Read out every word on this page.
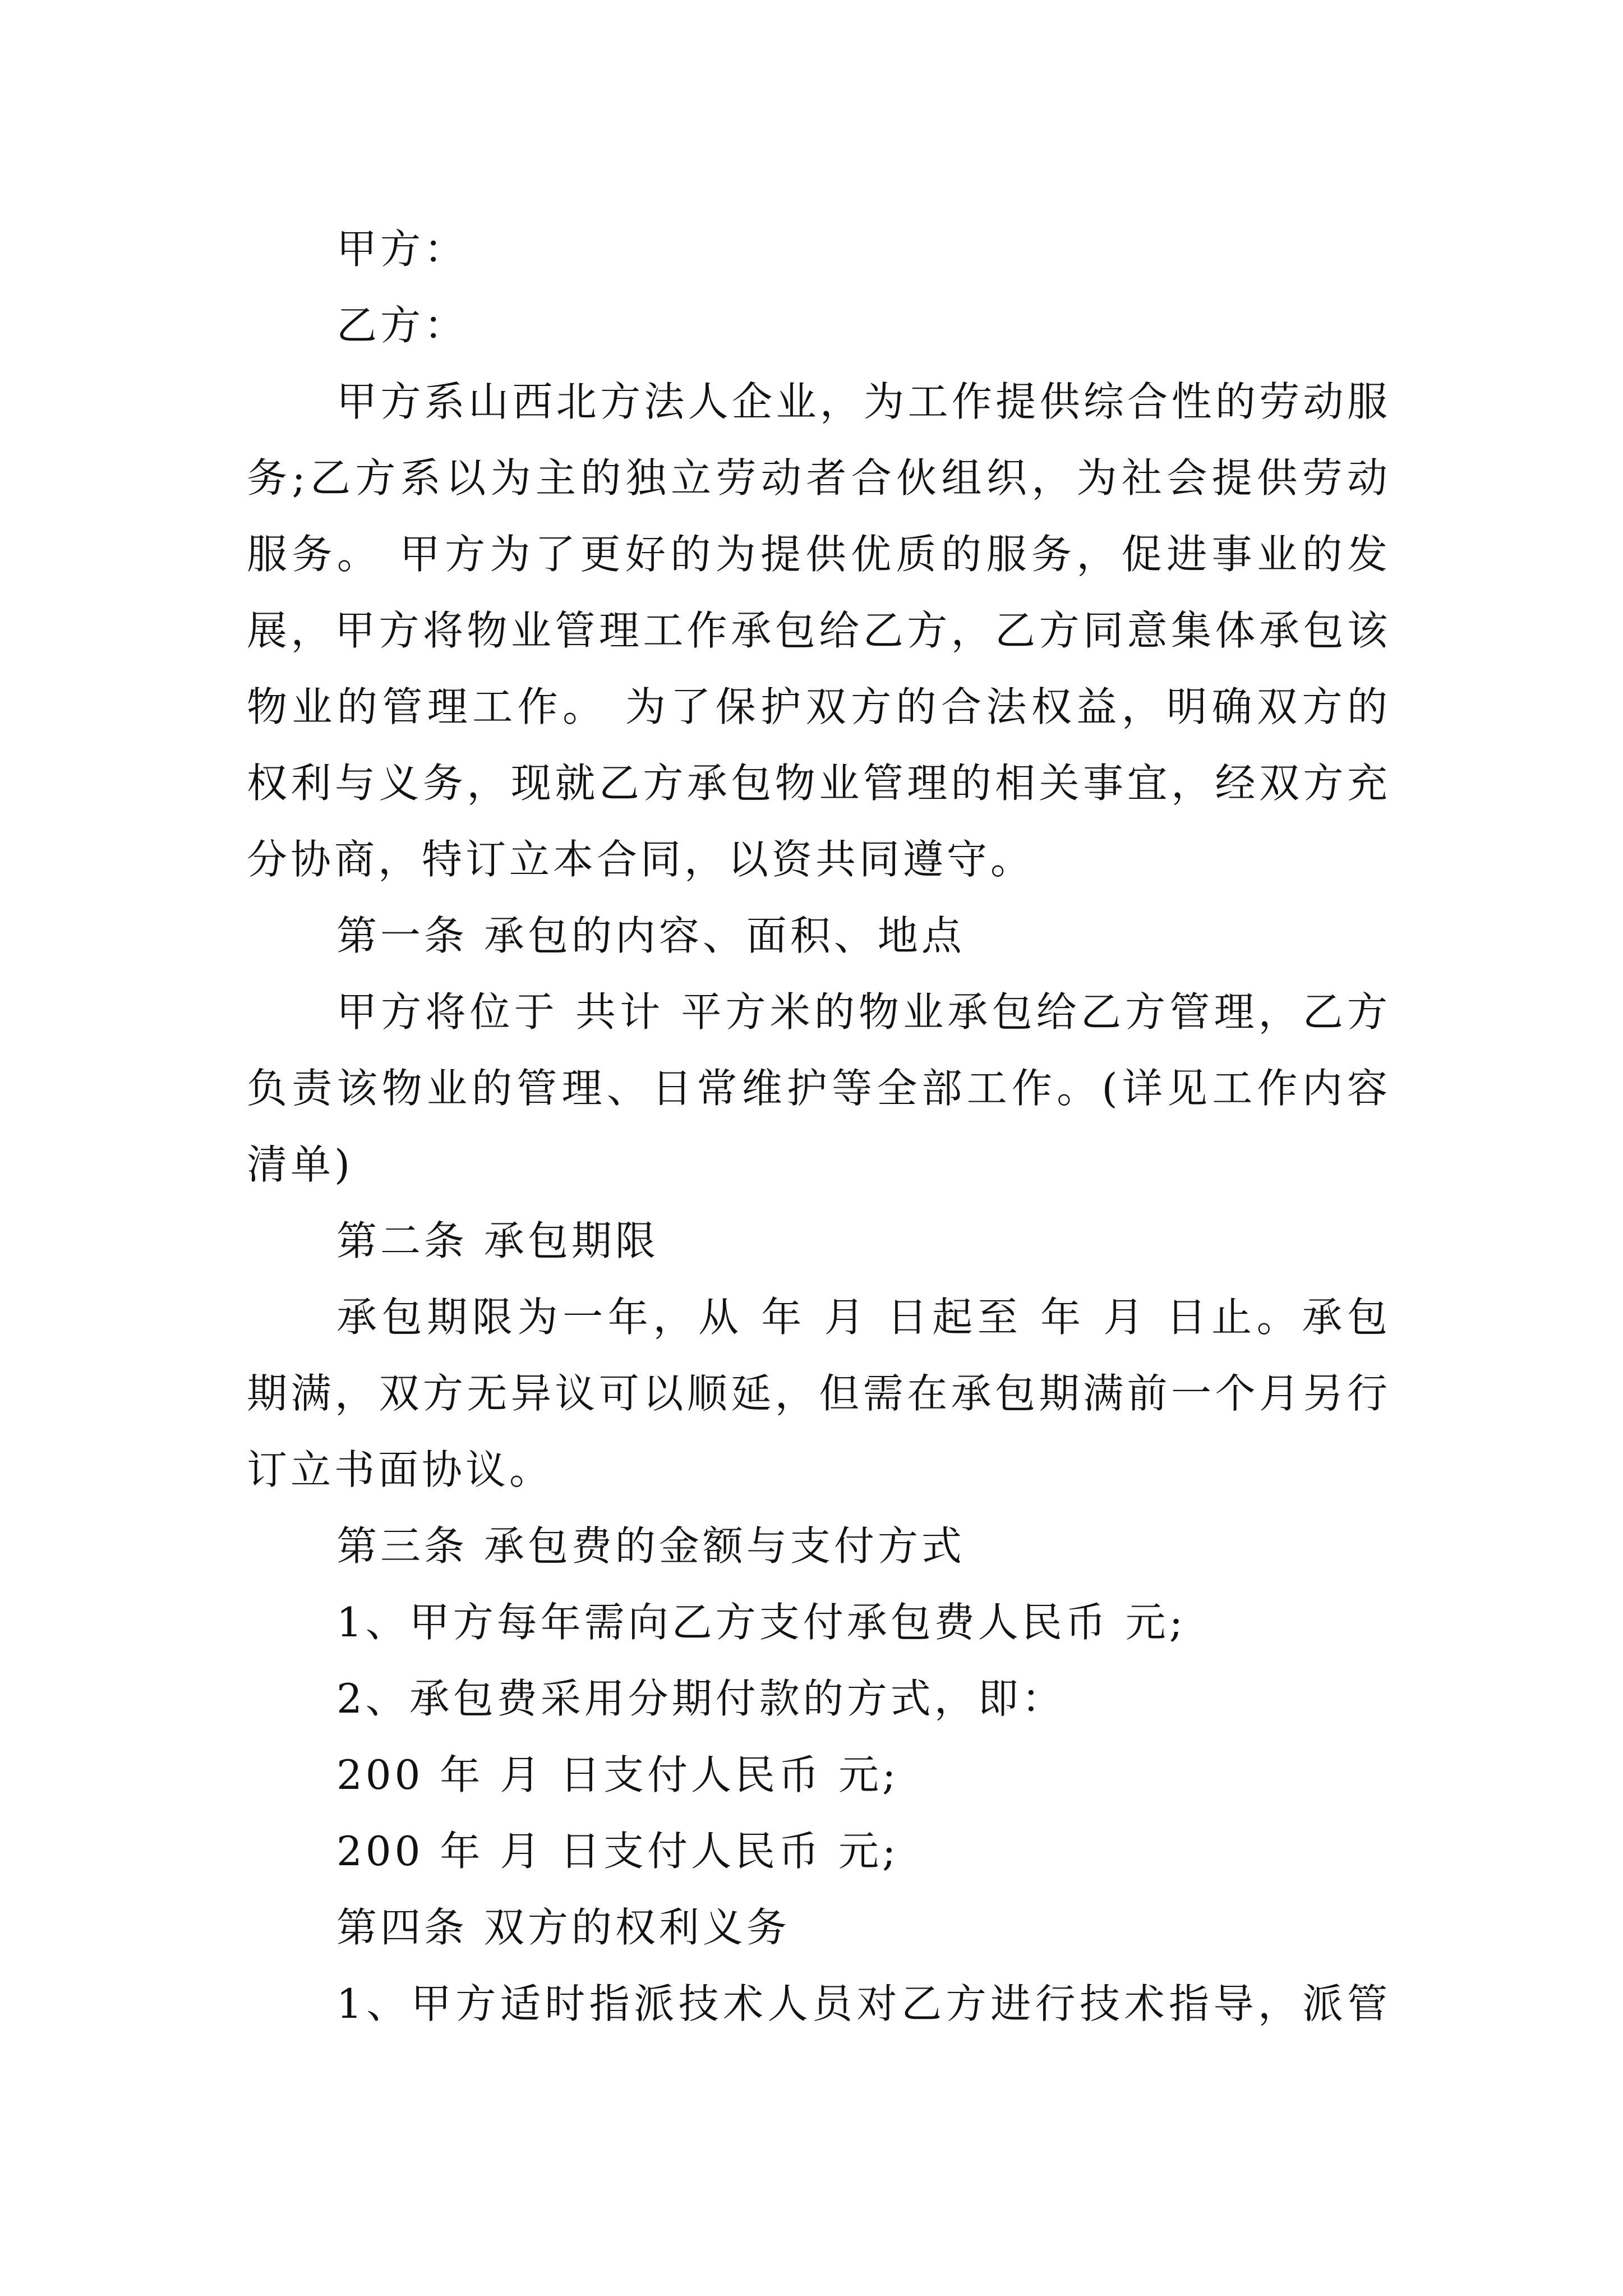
甲方：
乙方：
甲方系山西北方法人企业，为工作提供综合性的劳动服
务;乙方系以为主的独立劳动者合伙组织，为社会提供劳动
服务。 甲方为了更好的为提供优质的服务，促进事业的发
展，甲方将物业管理工作承包给乙方，乙方同意集体承包该
物业的管理工作。 为了保护双方的合法权益，明确双方的
权利与义务，现就乙方承包物业管理的相关事宜，经双方充
分协商，特订立本合同，以资共同遵守。
第一条 承包的内容、面积、地点
甲方将位于 共计 平方米的物业承包给乙方管理，乙方
负责该物业的管理、日常维护等全部工作。(详见工作内容
清单)
第二条 承包期限
承包期限为一年，从 年 月 日起至 年 月 日止。承包
期满，双方无异议可以顺延，但需在承包期满前一个月另行
订立书面协议。
第三条 承包费的金额与支付方式
1、甲方每年需向乙方支付承包费人民币 元;
2、承包费采用分期付款的方式，即：
200 年 月 日支付人民币 元;
200 年 月 日支付人民币 元;
第四条 双方的权利义务
1、甲方适时指派技术人员对乙方进行技术指导，派管
